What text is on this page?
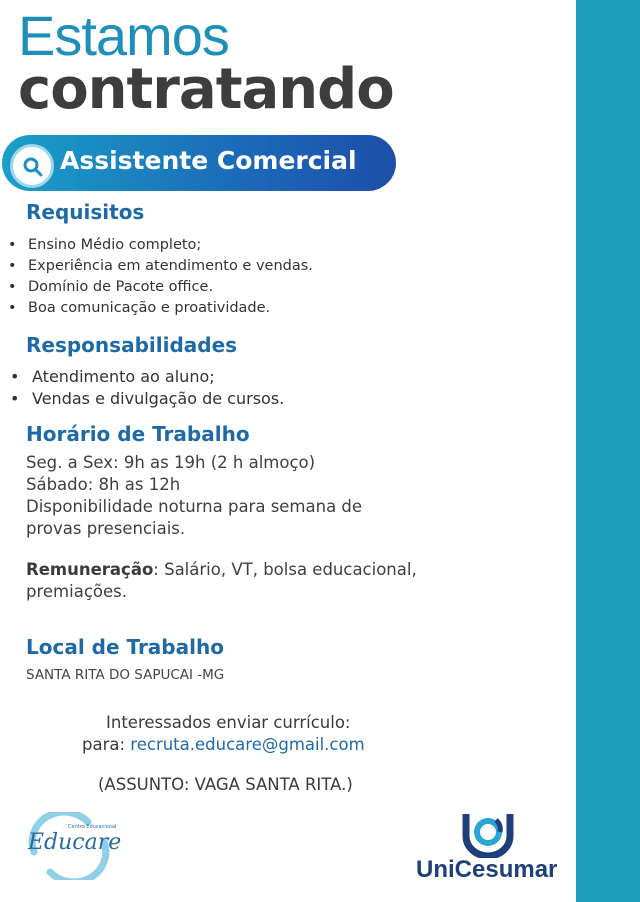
Estamos
contratando
Assistente Comercial
Requisitos
• Ensino Médio completo;
• Experiência em atendimento e vendas.
• Domínio de Pacote office.
• Boa comunicação e proatividade.
Responsabilidades
• Atendimento ao aluno;
• Vendas e divulgação de cursos.
Horário de Trabalho
Seg. a Sex: 9h as 19h (2 h almoço)
Sábado: 8h as 12h
Disponibilidade noturna para semana de
provas presenciais.
Remuneração: Salário, VT, bolsa educacional,
premiações.
Local de Trabalho
SANTA RITA DO SAPUCAI -MG
Interessados enviar currículo:
para: recruta.educare@gmail.com
(ASSUNTO: VAGA SANTA RITA.)
Educare
Centro Educacional
UniCesumar
